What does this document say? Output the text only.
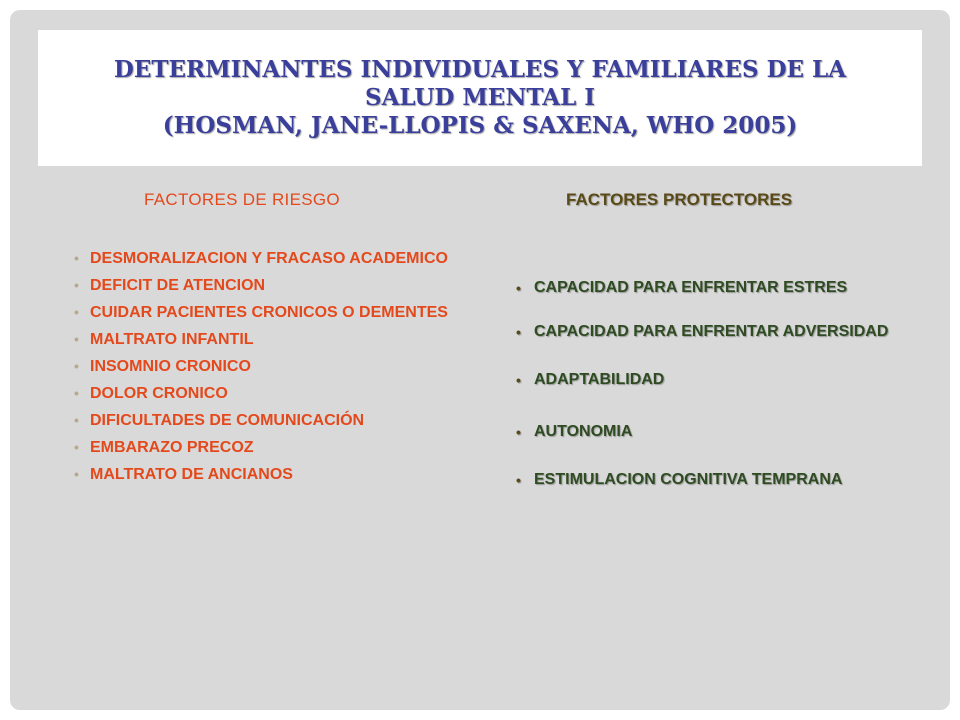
DETERMINANTES INDIVIDUALES Y FAMILIARES DE LA
SALUD MENTAL I
(HOSMAN, JANE-LLOPIS & SAXENA, WHO 2005)

FACTORES DE RIESGO	FACTORES PROTECTORES
• DESMORALIZACION Y FRACASO ACADEMICO
• DEFICIT DE ATENCION
• CUIDAR PACIENTES CRONICOS O DEMENTES
• MALTRATO INFANTIL
• INSOMNIO CRONICO
• DOLOR CRONICO
• DIFICULTADES DE COMUNICACIÓN
• EMBARAZO PRECOZ
• MALTRATO DE ANCIANOS
• CAPACIDAD PARA ENFRENTAR ESTRES
• CAPACIDAD PARA ENFRENTAR ADVERSIDAD
• ADAPTABILIDAD
• AUTONOMIA
• ESTIMULACION COGNITIVA TEMPRANA
